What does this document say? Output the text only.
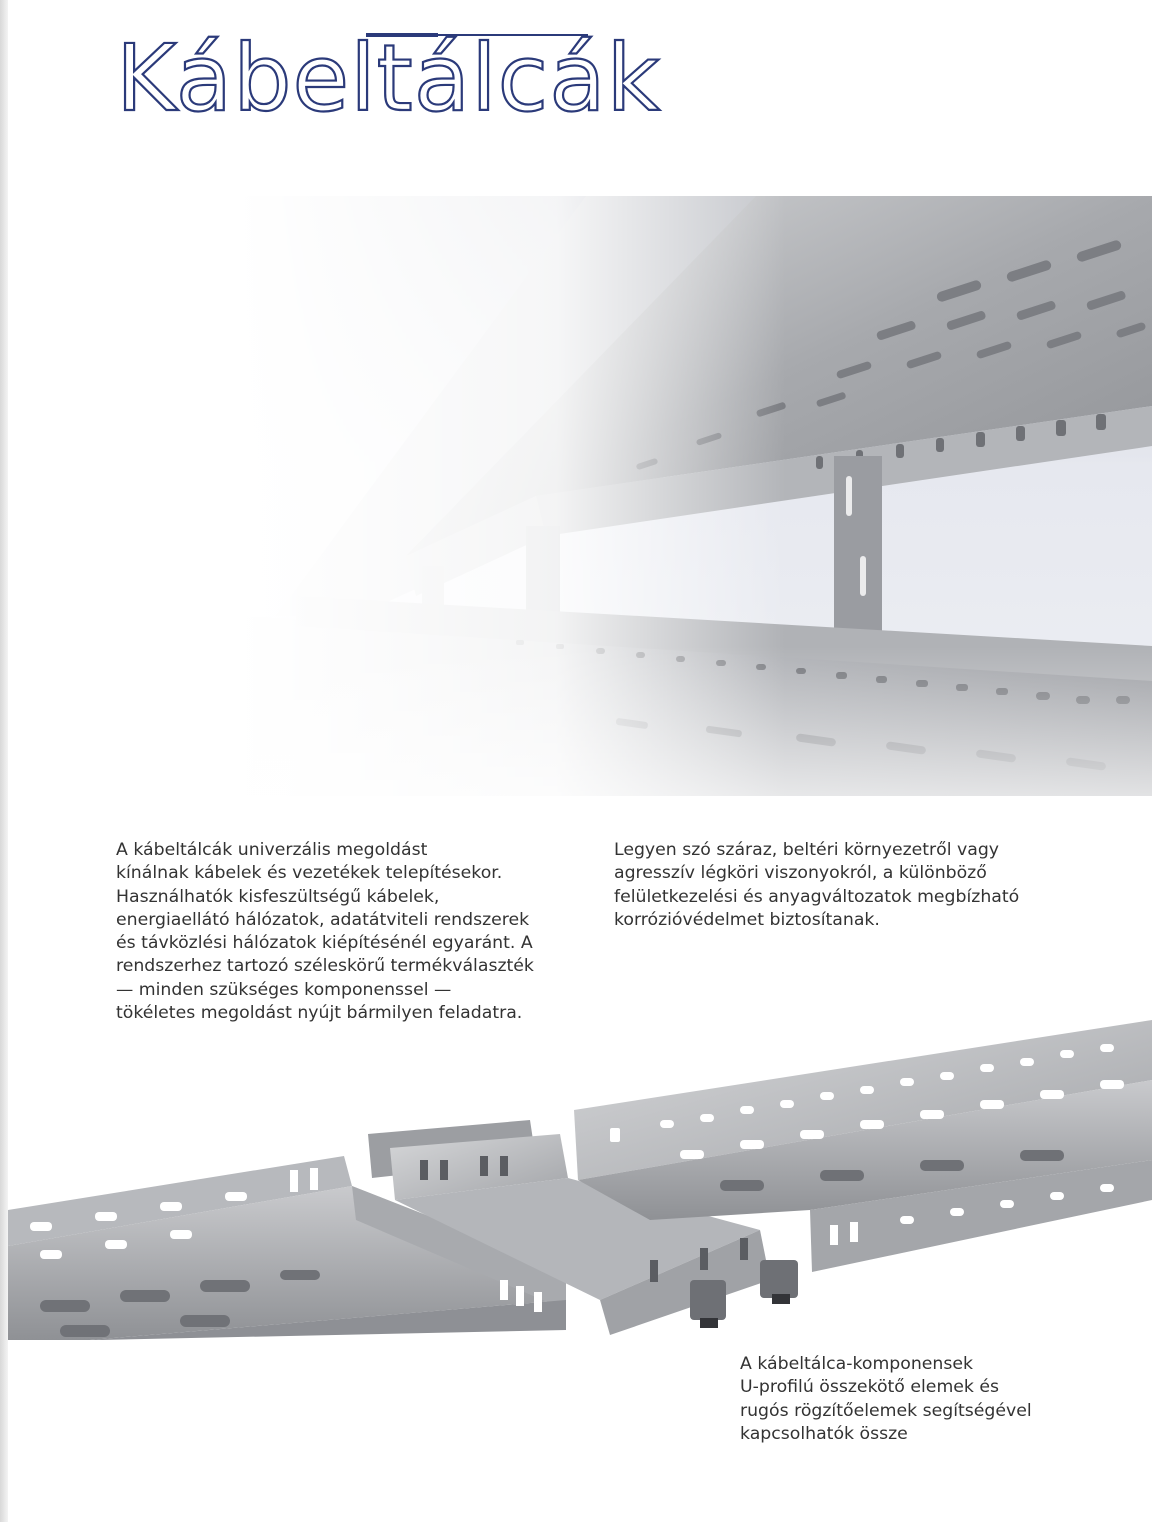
Kábeltálcák

A kábeltálcák univerzális megoldást
kínálnak kábelek és vezetékek telepítésekor.
Használhatók kisfeszültségű kábelek,
energiaellátó hálózatok, adatátviteli rendszerek
és távközlési hálózatok kiépítésénél egyaránt. A
rendszerhez tartozó széleskörű termékválaszték
— minden szükséges komponenssel —
tökéletes megoldást nyújt bármilyen feladatra.

Legyen szó száraz, beltéri környezetről vagy
agresszív légköri viszonyokról, a különböző
felületkezelési és anyagváltozatok megbízható
korrózióvédelmet biztosítanak.

A kábeltálca-komponensek
U-profilú összekötő elemek és
rugós rögzítőelemek segítségével
kapcsolhatók össze
